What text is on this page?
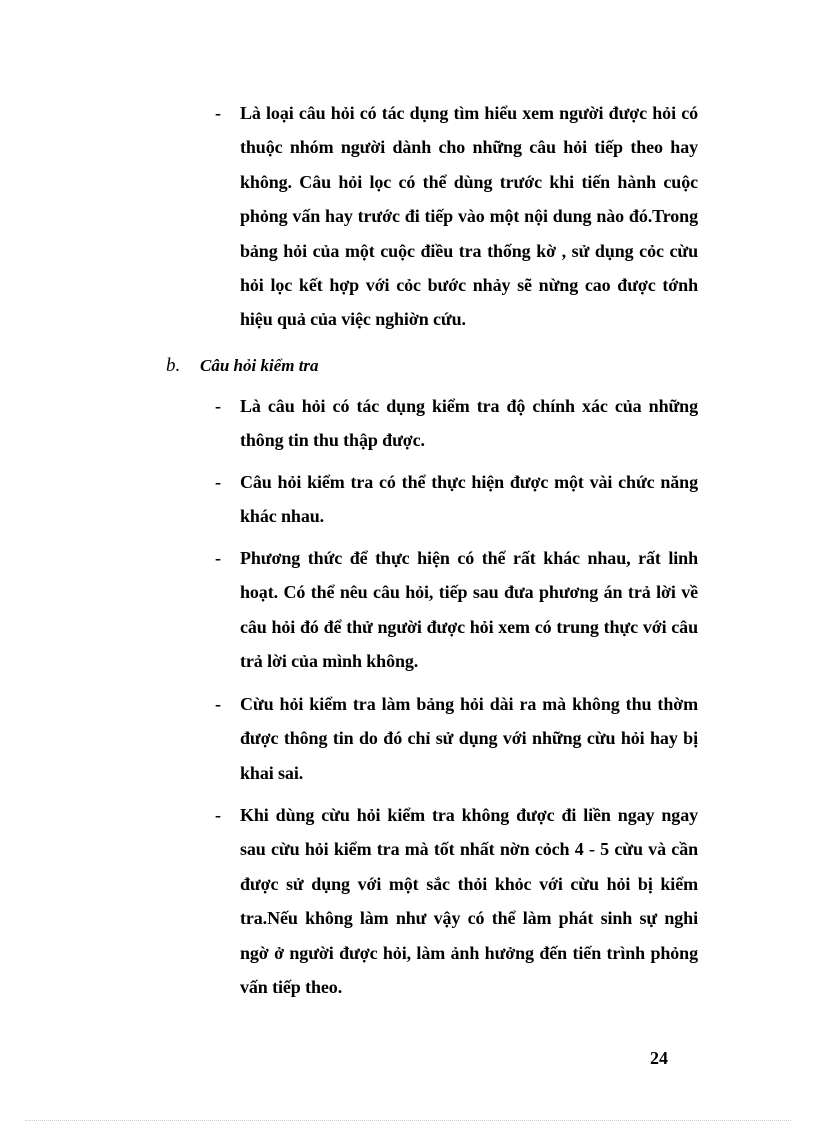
- Là loại câu hỏi có tác dụng tìm hiểu xem người được hỏi có thuộc nhóm người dành cho những câu hỏi tiếp theo hay không. Câu hỏi lọc có thể dùng trước khi tiến hành cuộc phỏng vấn hay trước đi tiếp vào một nội dung nào đó.Trong bảng hỏi của một cuộc điều tra thống kờ , sử dụng cỏc cừu hỏi lọc kết hợp với cỏc bước nhảy sẽ nừng cao được tớnh hiệu quả của việc nghiờn cứu.
b. Câu hỏi kiểm tra
- Là câu hỏi có tác dụng kiểm tra độ chính xác của những thông tin thu thập được.
- Câu hỏi kiểm tra có thể thực hiện được một vài chức năng khác nhau.
- Phương thức để thực hiện có thể rất khác nhau, rất linh hoạt. Có thể nêu câu hỏi, tiếp sau đưa phương án trả lời về câu hỏi đó để thử người được hỏi xem có trung thực với câu trả lời của mình không.
- Cừu hỏi kiểm tra làm bảng hỏi dài ra mà không thu thờm được thông tin do đó chỉ sử dụng với những cừu hỏi hay bị khai sai.
- Khi dùng cừu hỏi kiểm tra không được đi liền ngay ngay sau cừu hỏi kiểm tra mà tốt nhất nờn cỏch 4 - 5 cừu và cần được sử dụng với một sắc thỏi khỏc với cừu hỏi bị kiểm tra.Nếu không làm như vậy có thể làm phát sinh sự nghi ngờ ở người được hỏi, làm ảnh hưởng đến tiến trình phỏng vấn tiếp theo.
24
